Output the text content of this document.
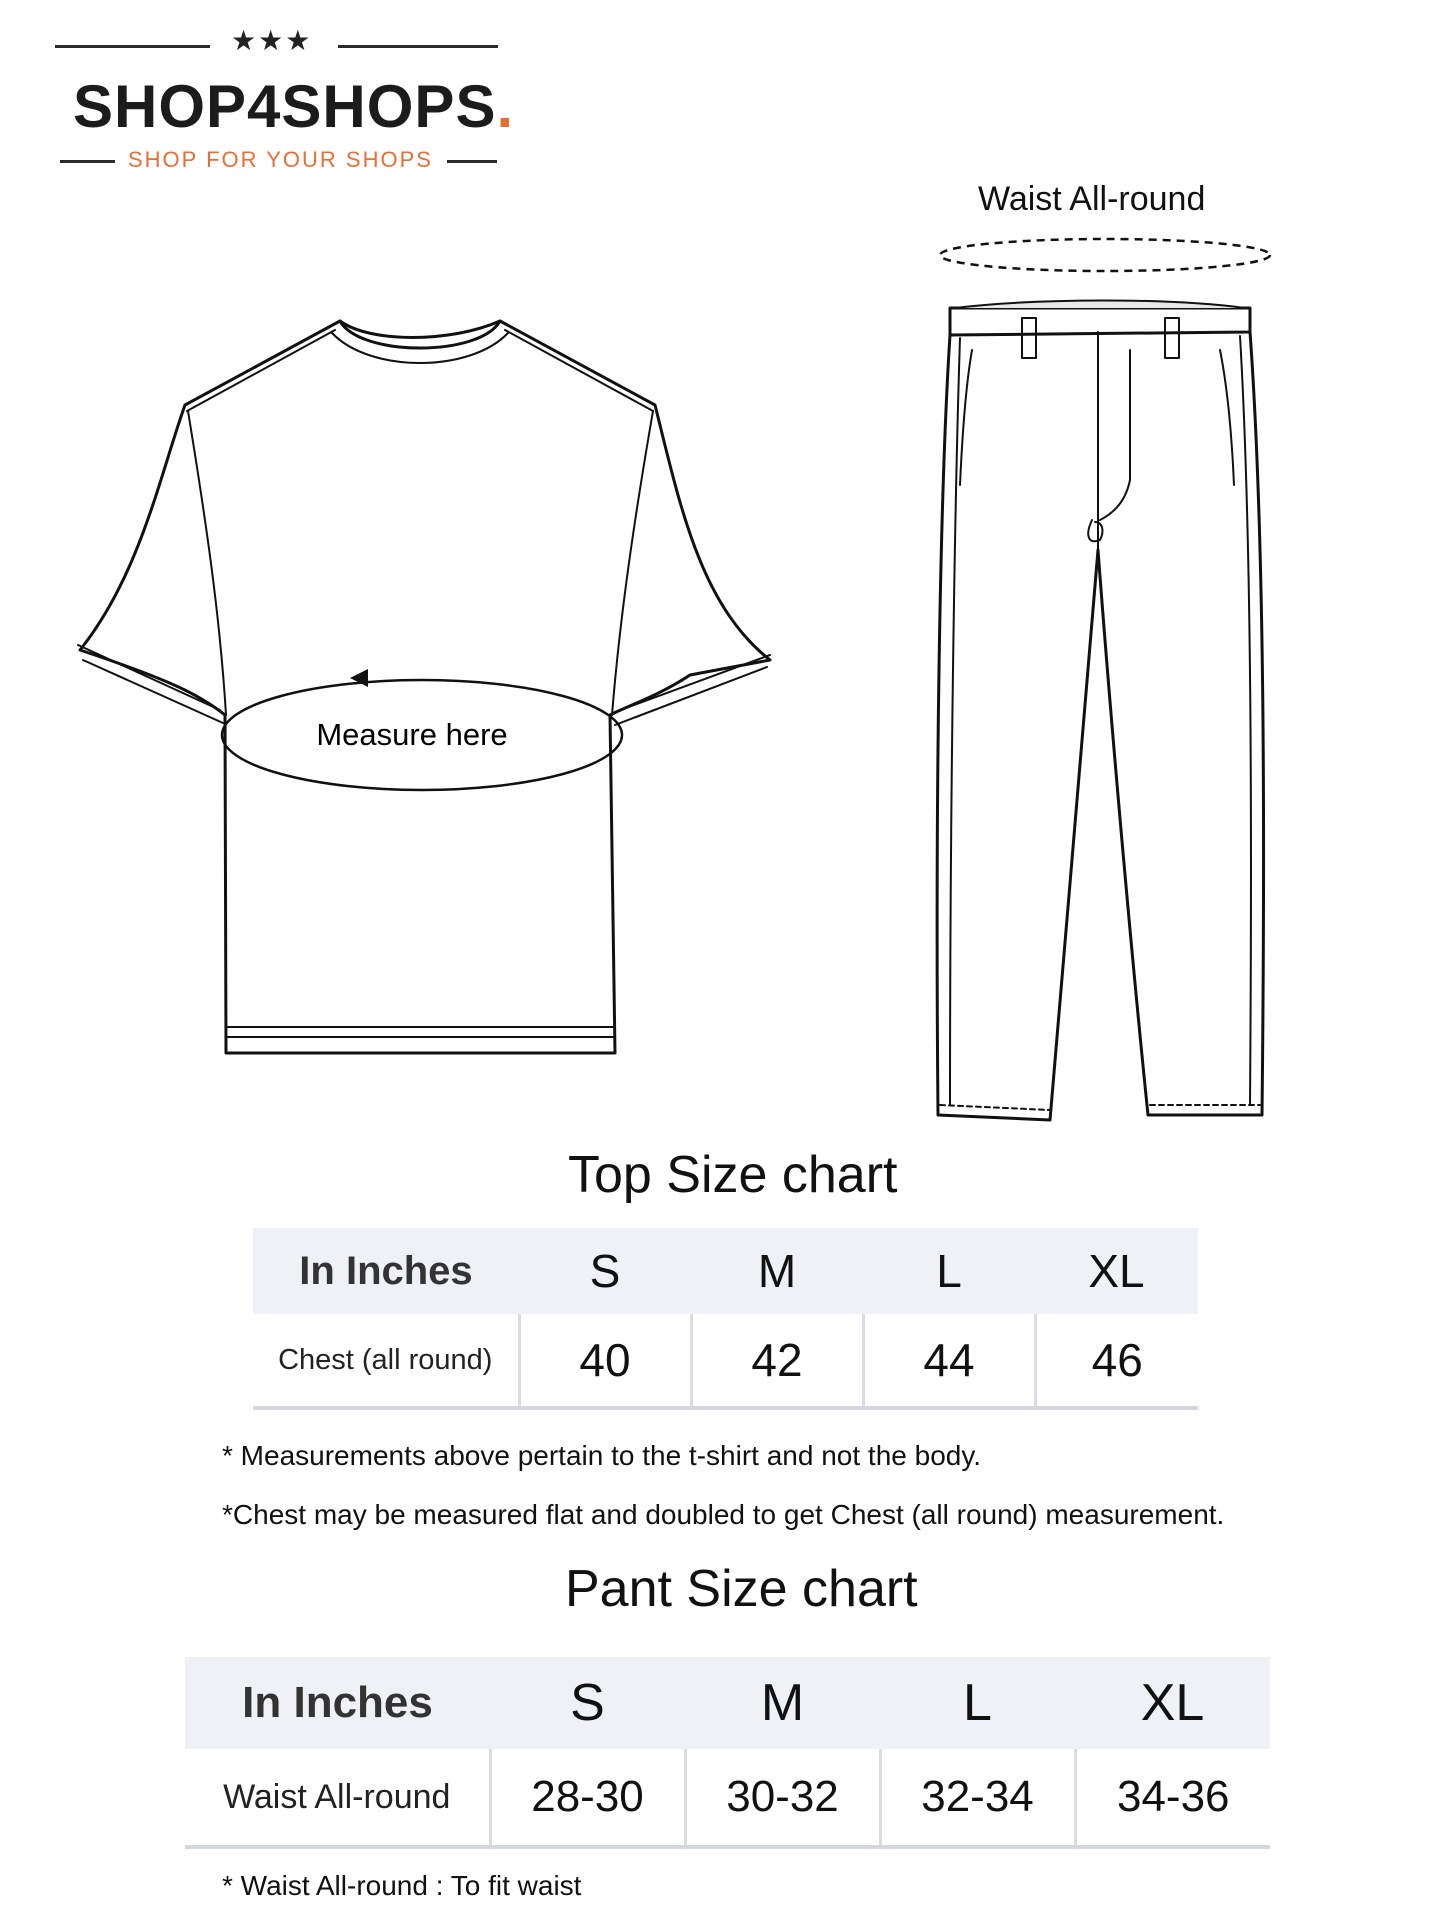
★★★
SHOP4SHOPS.
SHOP FOR YOUR SHOPS
Measure here
Waist All-round
Top Size chart
In Inches	S	M	L	XL
Chest (all round)	40	42	44	46
* Measurements above pertain to the t-shirt and not the body.
*Chest may be measured flat and doubled to get Chest (all round) measurement.
Pant Size chart
In Inches	S	M	L	XL
Waist All-round	28-30	30-32	32-34	34-36
* Waist All-round : To fit waist
